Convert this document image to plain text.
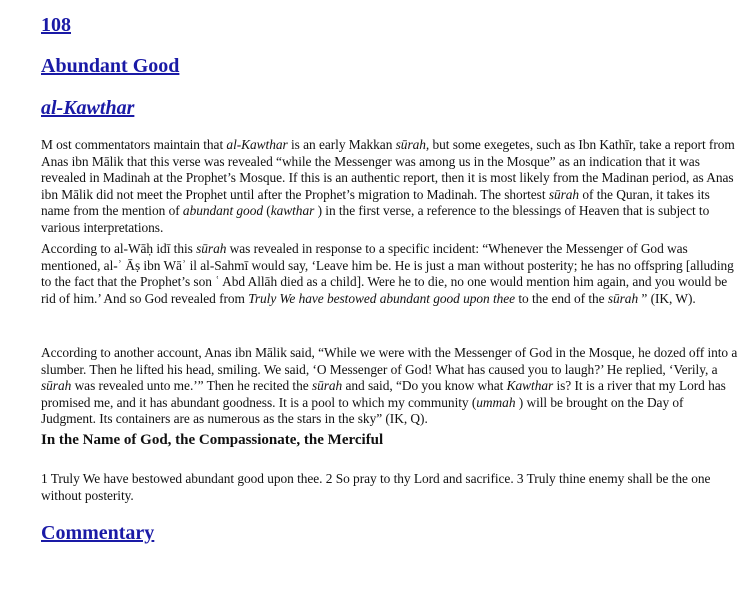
108
Abundant Good
al-Kawthar

M ost commentators maintain that al-Kawthar is an early Makkan sūrah, but some exegetes, such as Ibn Kathīr, take a report from Anas ibn Mālik that this verse was revealed “while the Messenger was among us in the Mosque” as an indication that it was revealed in Madinah at the Prophet’s Mosque. If this is an authentic report, then it is most likely from the Madinan period, as Anas ibn Mālik did not meet the Prophet until after the Prophet’s migration to Madinah. The shortest sūrah of the Quran, it takes its name from the mention of abundant good (kawthar ) in the first verse, a reference to the blessings of Heaven that is subject to various interpretations.

According to al-Wāḥ idī this sūrah was revealed in response to a specific incident: “Whenever the Messenger of God was mentioned, al-ʾ Āṣ ibn Wāʾ il al-Sahmī would say, ‘Leave him be. He is just a man without posterity; he has no offspring [alluding to the fact that the Prophet’s son ʿ Abd Allāh died as a child]. Were he to die, no one would mention him again, and you would be rid of him.’ And so God revealed from Truly We have bestowed abundant good upon thee to the end of the sūrah ” (IK, W).

According to another account, Anas ibn Mālik said, “While we were with the Messenger of God in the Mosque, he dozed off into a slumber. Then he lifted his head, smiling. We said, ‘O Messenger of God! What has caused you to laugh?’ He replied, ‘Verily, a sūrah was revealed unto me.’” Then he recited the sūrah and said, “Do you know what Kawthar is? It is a river that my Lord has promised me, and it has abundant goodness. It is a pool to which my community (ummah ) will be brought on the Day of Judgment. Its containers are as numerous as the stars in the sky” (IK, Q).

In the Name of God, the Compassionate, the Merciful

1 Truly We have bestowed abundant good upon thee. 2 So pray to thy Lord and sacrifice. 3 Truly thine enemy shall be the one without posterity.

Commentary
